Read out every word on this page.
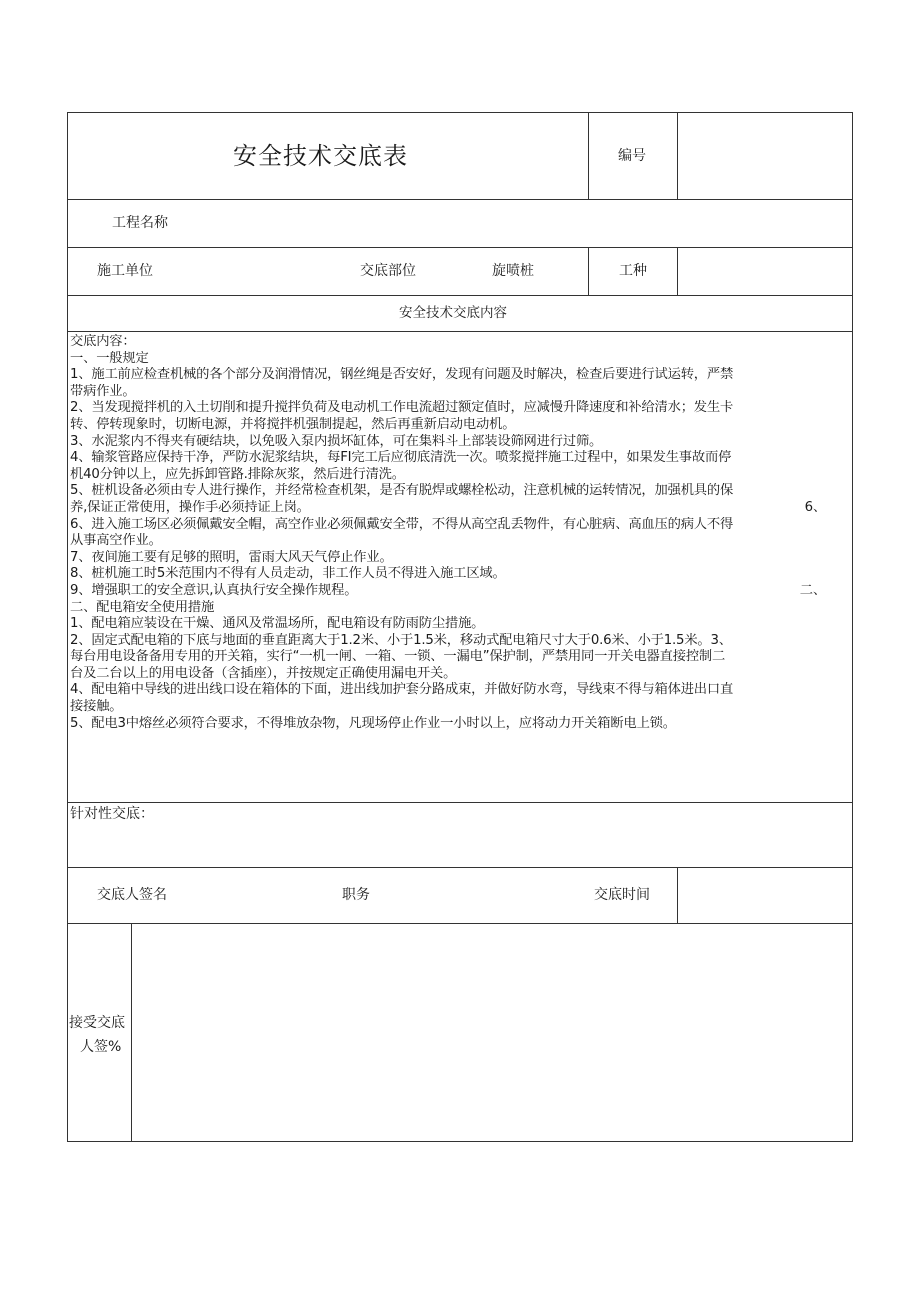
安全技术交底表	编号
工程名称
施工单位	交底部位	旋喷桩	工种
安全技术交底内容
交底内容：
一、一般规定
1、施工前应检查机械的各个部分及润滑情况，钢丝绳是否安好，发现有问题及时解决，检查后要进行试运转，严禁
带病作业。
2、当发现搅拌机的入土切削和提升搅拌负荷及电动机工作电流超过额定值时，应减慢升降速度和补给清水；发生卡
转、停转现象时，切断电源，并将搅拌机强制提起，然后再重新启动电动机。
3、水泥浆内不得夹有硬结块，以免吸入泵内损坏缸体，可在集料斗上部装设筛网进行过筛。
4、输浆管路应保持干净，严防水泥浆结块，每FI完工后应彻底清洗一次。喷浆搅拌施工过程中，如果发生事故而停
机40分钟以上，应先拆卸管路.排除灰浆，然后进行清洗。
5、桩机设备必须由专人进行操作，并经常检查机架，是否有脱焊或螺栓松动，注意机械的运转情况，加强机具的保
6、
养,保证正常使用，操作手必须持证上岗。
6、进入施工场区必须佩戴安全帽，高空作业必须佩戴安全带，不得从高空乱丢物件，有心脏病、高血压的病人不得
从事高空作业。
7、夜间施工要有足够的照明，雷雨大风天气停止作业。
8、桩机施工时5米范围内不得有人员走动，非工作人员不得进入施工区域。
二、
9、增强职工的安全意识,认真执行安全操作规程。
二、配电箱安全使用措施
1、配电箱应装设在干燥、通风及常温场所，配电箱设有防雨防尘措施。
2、固定式配电箱的下底与地面的垂直距离大于1.2米、小于1.5米，移动式配电箱尺寸大于0.6米、小于1.5米。3、
每台用电设备备用专用的开关箱，实行“一机一闸、一箱、一锁、一漏电”保护制，严禁用同一开关电器直接控制二
台及二台以上的用电设备（含插座），并按规定正确使用漏电开关。
4、配电箱中导线的进出线口设在箱体的下面，进出线加护套分路成束，并做好防水弯，导线束不得与箱体进出口直
接接触。
5、配电3中熔丝必须符合要求，不得堆放杂物，凡现场停止作业一小时以上，应将动力开关箱断电上锁。
针对性交底：
交底人签名	职务	交底时间
接受交底
人签%
